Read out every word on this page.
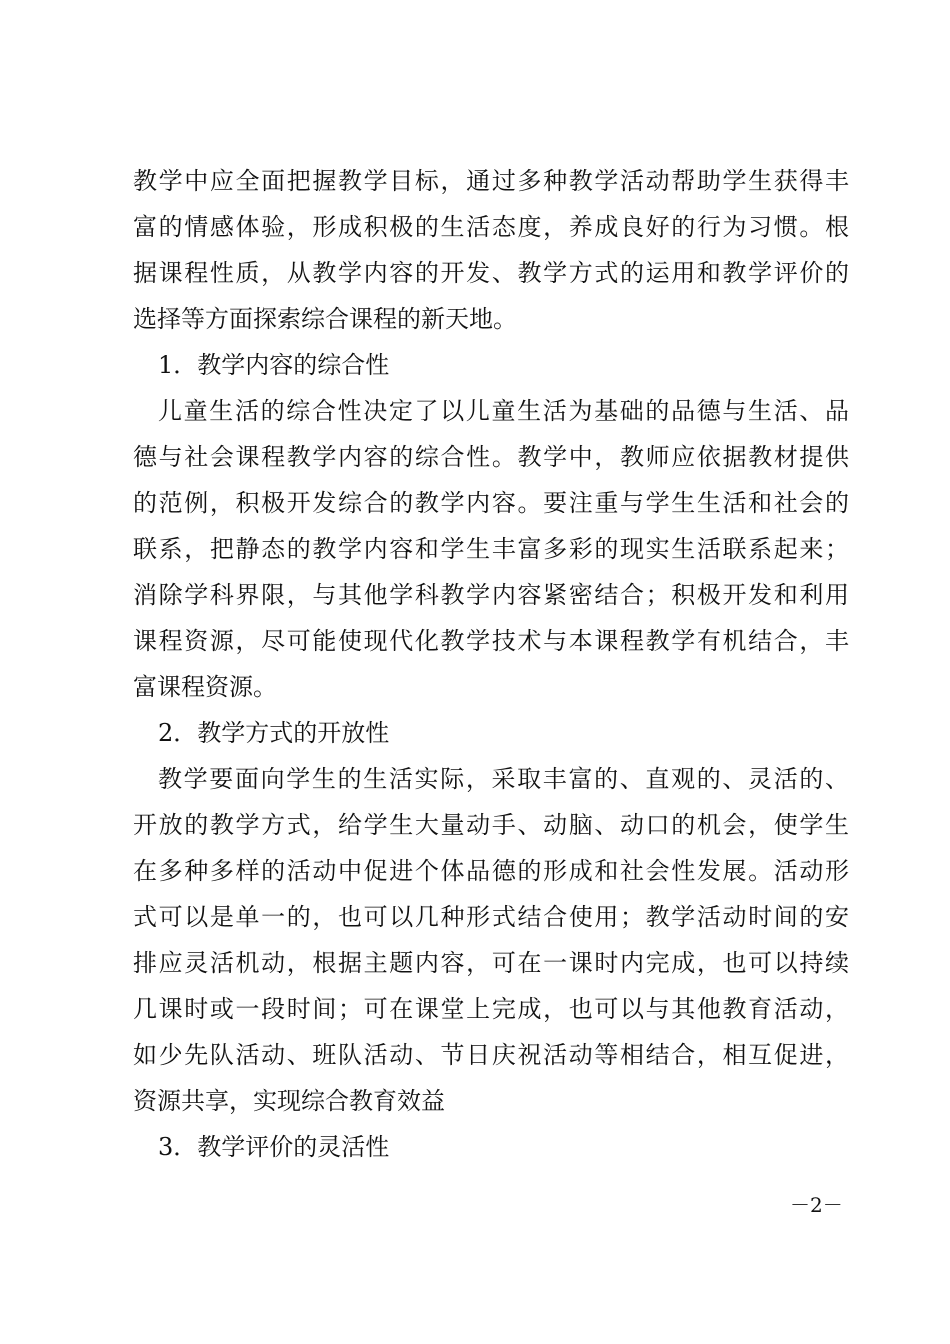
教学中应全面把握教学目标，通过多种教学活动帮助学生获得丰
富的情感体验，形成积极的生活态度，养成良好的行为习惯。根
据课程性质，从教学内容的开发、教学方式的运用和教学评价的
选择等方面探索综合课程的新天地。
1．教学内容的综合性
儿童生活的综合性决定了以儿童生活为基础的品德与生活、品
德与社会课程教学内容的综合性。教学中，教师应依据教材提供
的范例，积极开发综合的教学内容。要注重与学生生活和社会的
联系，把静态的教学内容和学生丰富多彩的现实生活联系起来；
消除学科界限，与其他学科教学内容紧密结合；积极开发和利用
课程资源，尽可能使现代化教学技术与本课程教学有机结合，丰
富课程资源。
2．教学方式的开放性
教学要面向学生的生活实际，采取丰富的、直观的、灵活的、
开放的教学方式，给学生大量动手、动脑、动口的机会，使学生
在多种多样的活动中促进个体品德的形成和社会性发展。活动形
式可以是单一的，也可以几种形式结合使用；教学活动时间的安
排应灵活机动，根据主题内容，可在一课时内完成，也可以持续
几课时或一段时间；可在课堂上完成，也可以与其他教育活动，
如少先队活动、班队活动、节日庆祝活动等相结合，相互促进，
资源共享，实现综合教育效益
3．教学评价的灵活性
－2－
